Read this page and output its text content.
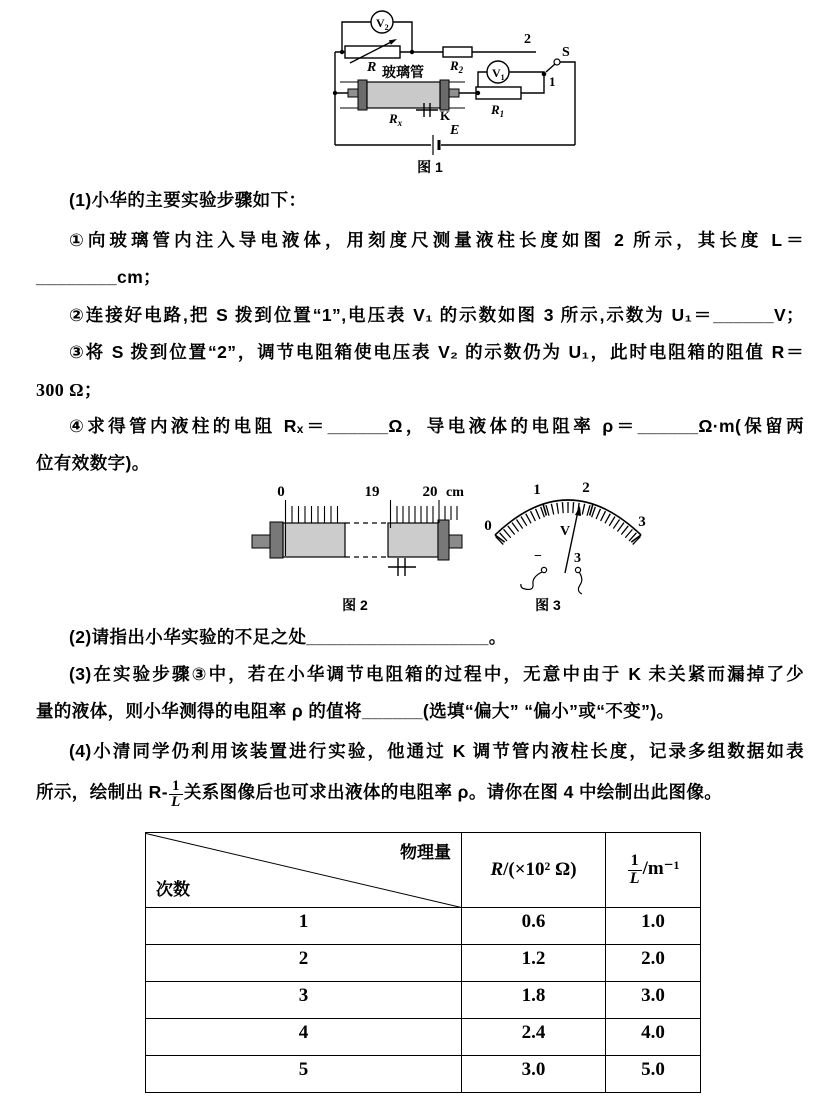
$V_2$
$V_1$
R 玻璃管 $R_2$
2
S
1
$R_1$
$R_x$	K
E
图 1
(1)小华的主要实验步骤如下：
①向玻璃管内注入导电液体，用刻度尺测量液柱长度如图 2 所示，其长度 L＝
________cm；
②连接好电路,把 S 拨到位置“1”,电压表 V₁ 的示数如图 3 所示,示数为 U₁＝______V；
③将 S 拨到位置“2”，调节电阻箱使电压表 V₂ 的示数仍为 U₁，此时电阻箱的阻值 R＝
300 Ω；
④求得管内液柱的电阻 Rₓ＝______Ω，导电液体的电阻率 ρ＝______Ω·m(保留两
位有效数字)。
0	19	20 cm
图 2
0
1	2
3
V
− 3
图 3
(2)请指出小华实验的不足之处__________________。
(3)在实验步骤③中，若在小华调节电阻箱的过程中，无意中由于 K 未关紧而漏掉了少
量的液体，则小华测得的电阻率 ρ 的值将______(选填“偏大” “偏小”或“不变”)。
(4)小清同学仍利用该装置进行实验，他通过 K 调节管内液柱长度，记录多组数据如表
所示，绘制出 $R- \frac{1}{L}$ 关系图像后也可求出液体的电阻率 ρ。请你在图 4 中绘制出此图像。
物理量
次数
	R/(×10² Ω)	$\frac{1}{L} /m^{-1}$
1	0.6	1.0
2	1.2	2.0
3	1.8	3.0
4	2.4	4.0
5	3.0	5.0
